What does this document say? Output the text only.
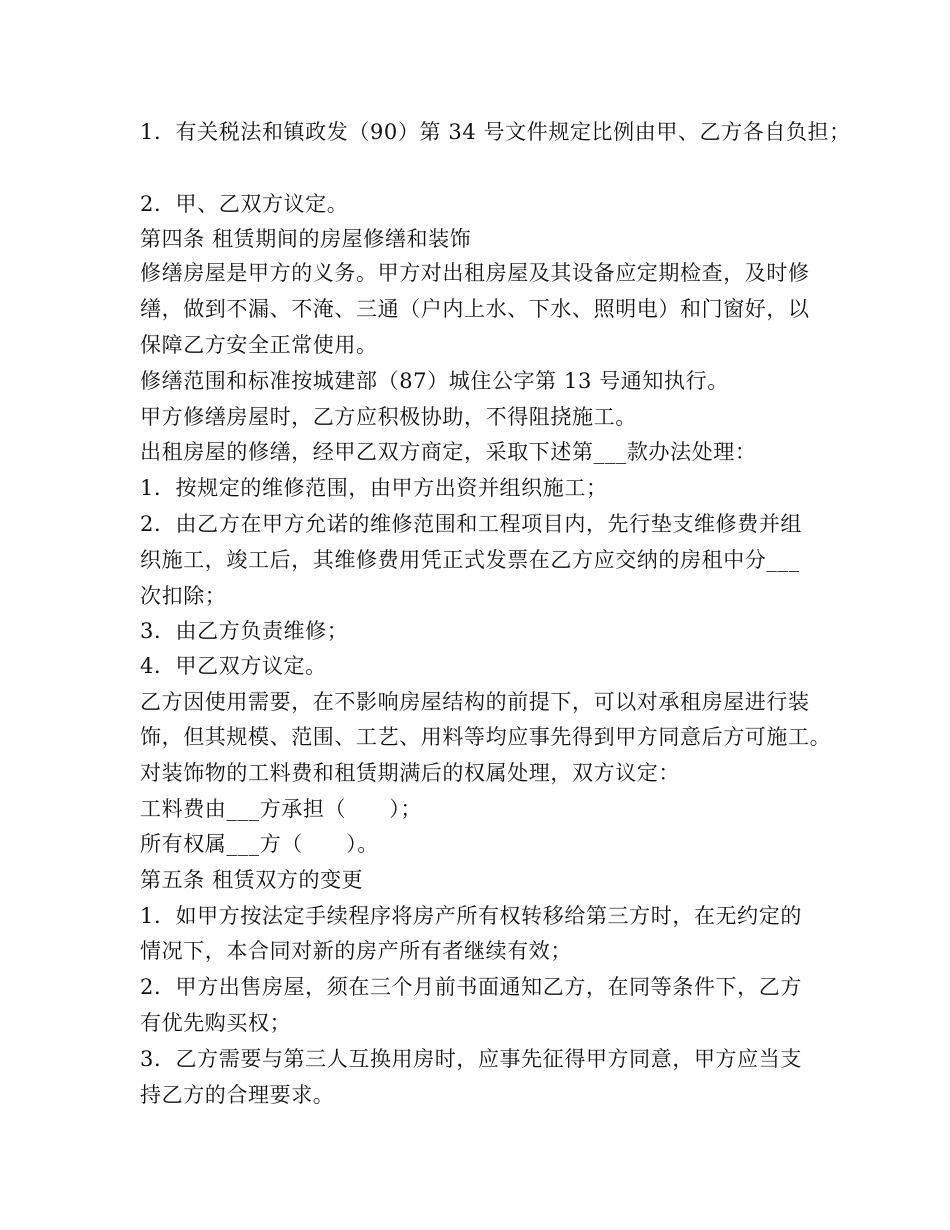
1．有关税法和镇政发（90）第 34 号文件规定比例由甲、乙方各自负担；
2．甲、乙双方议定。
第四条 租赁期间的房屋修缮和装饰
修缮房屋是甲方的义务。甲方对出租房屋及其设备应定期检查，及时修
缮，做到不漏、不淹、三通（户内上水、下水、照明电）和门窗好，以
保障乙方安全正常使用。
修缮范围和标准按城建部（87）城住公字第 13 号通知执行。
甲方修缮房屋时，乙方应积极协助，不得阻挠施工。
出租房屋的修缮，经甲乙双方商定，采取下述第___款办法处理：
1．按规定的维修范围，由甲方出资并组织施工；
2．由乙方在甲方允诺的维修范围和工程项目内，先行垫支维修费并组
织施工，竣工后，其维修费用凭正式发票在乙方应交纳的房租中分___
次扣除；
3．由乙方负责维修；
4．甲乙双方议定。
乙方因使用需要，在不影响房屋结构的前提下，可以对承租房屋进行装
饰，但其规模、范围、工艺、用料等均应事先得到甲方同意后方可施工。
对装饰物的工料费和租赁期满后的权属处理，双方议定：
工料费由___方承担（　　）；
所有权属___方（　　）。
第五条 租赁双方的变更
1．如甲方按法定手续程序将房产所有权转移给第三方时，在无约定的
情况下，本合同对新的房产所有者继续有效；
2．甲方出售房屋，须在三个月前书面通知乙方，在同等条件下，乙方
有优先购买权；
3．乙方需要与第三人互换用房时，应事先征得甲方同意，甲方应当支
持乙方的合理要求。
